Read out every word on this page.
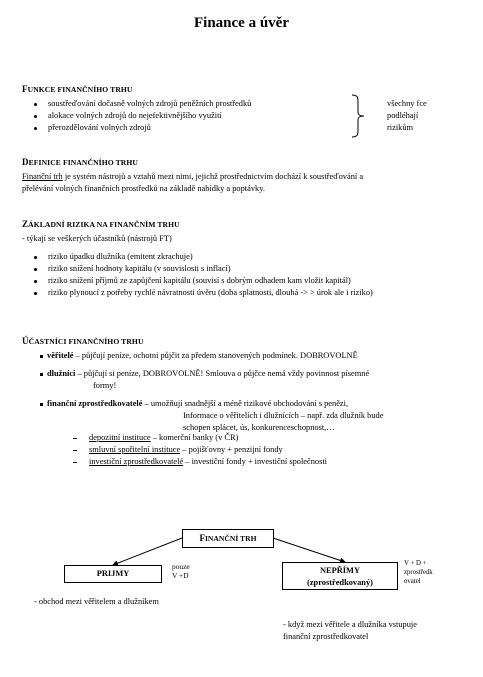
Finance a úvěr
FUNKCE FINANČNÍHO TRHU
soustřeďování dočasně volných zdrojů peněžních prostředků
alokace volných zdrojů do nejefektivnějšího využití
přerozdělování volných zdrojů
všechny fce
podléhají
rizikům
DEFINICE FINANČNÍHO TRHU
Finanční trh je systém nástrojů a vztahů mezi nimi, jejichž prostřednictvím dochází k soustřeďování a
přelévání volných finančních prostředků na základě nabídky a poptávky.
ZÁKLADNÍ RIZIKA NA FINANČNÍM TRHU
- týkají se veškerých účastníků (nástrojů FT)
riziko úpadku dlužníka (emitent zkrachuje)
riziko snížení hodnoty kapitálu (v souvislosti s inflací)
riziko snížení příjmů ze zapůjčení kapitálu (souvisí s dobrým odhadem kam vložit kapitál)
riziko plynoucí z potřeby rychlé návratnosti úvěru (doba splatnosti, dlouhá -> > úrok ale i riziko)
ÚČASTNÍCI FINANČNÍHO TRHU
věřitelé – půjčují peníze, ochotni půjčit za předem stanovených podmínek. DOBROVOLNĚ
dlužníci – půjčují si peníze, DOBROVOLNĚ! Smlouva o půjčce nemá vždy povinnost písemné
formy!
finanční zprostředkovatelé – umožňují snadnější a méně rizikové obchodování s penězi,
Informace o věřitelích i dlužnících – např. zda dlužník bude
schopen splácet, ús, konkurenceschopnost,…
depozitní instituce – komerční banky (v ČR)
smluvní spořitelní instituce – pojišťovny + penzijní fondy
investiční zprostředkovatelé – investiční fondy + investiční společnosti
FINANČNÍ TRH
PRIJMY
pouze
V +D
NEPŘÍMY
(zprostředkovaný)
V + D +
zprostředk
ovatel
- obchod mezi věřitelem a dlužníkem
- když mezi věřitele a dlužníka vstupuje
finanční zprostředkovatel
